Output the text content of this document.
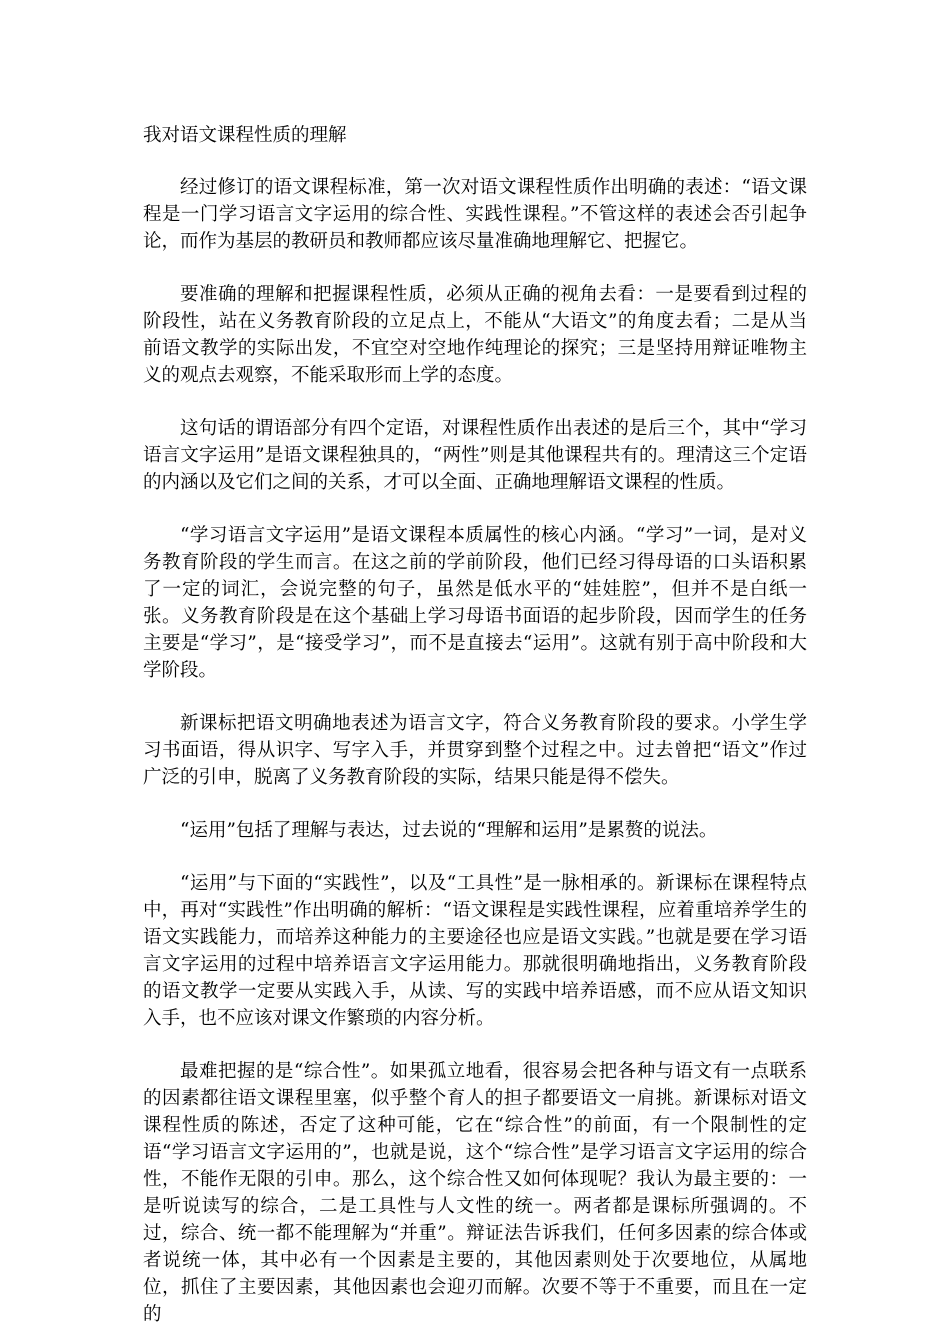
我对语文课程性质的理解

经过修订的语文课程标准，第一次对语文课程性质作出明确的表述：“语文课程是一门学习语言文字运用的综合性、实践性课程。”不管这样的表述会否引起争论，而作为基层的教研员和教师都应该尽量准确地理解它、把握它。

要准确的理解和把握课程性质，必须从正确的视角去看：一是要看到过程的阶段性，站在义务教育阶段的立足点上，不能从“大语文”的角度去看；二是从当前语文教学的实际出发，不宜空对空地作纯理论的探究；三是坚持用辩证唯物主义的观点去观察，不能采取形而上学的态度。

这句话的谓语部分有四个定语，对课程性质作出表述的是后三个，其中“学习语言文字运用”是语文课程独具的，“两性”则是其他课程共有的。理清这三个定语的内涵以及它们之间的关系，才可以全面、正确地理解语文课程的性质。

“学习语言文字运用”是语文课程本质属性的核心内涵。“学习”一词，是对义务教育阶段的学生而言。在这之前的学前阶段，他们已经习得母语的口头语积累了一定的词汇，会说完整的句子，虽然是低水平的“娃娃腔”，但并不是白纸一张。义务教育阶段是在这个基础上学习母语书面语的起步阶段，因而学生的任务主要是“学习”，是“接受学习”，而不是直接去“运用”。这就有别于高中阶段和大学阶段。

新课标把语文明确地表述为语言文字，符合义务教育阶段的要求。小学生学习书面语，得从识字、写字入手，并贯穿到整个过程之中。过去曾把“语文”作过广泛的引申，脱离了义务教育阶段的实际，结果只能是得不偿失。

“运用”包括了理解与表达，过去说的“理解和运用”是累赘的说法。

“运用”与下面的“实践性”，以及“工具性”是一脉相承的。新课标在课程特点中，再对“实践性”作出明确的解析：“语文课程是实践性课程，应着重培养学生的语文实践能力，而培养这种能力的主要途径也应是语文实践。”也就是要在学习语言文字运用的过程中培养语言文字运用能力。那就很明确地指出，义务教育阶段的语文教学一定要从实践入手，从读、写的实践中培养语感，而不应从语文知识入手，也不应该对课文作繁琐的内容分析。

最难把握的是“综合性”。如果孤立地看，很容易会把各种与语文有一点联系的因素都往语文课程里塞，似乎整个育人的担子都要语文一肩挑。新课标对语文课程性质的陈述，否定了这种可能，它在“综合性”的前面，有一个限制性的定语“学习语言文字运用的”，也就是说，这个“综合性”是学习语言文字运用的综合性，不能作无限的引申。那么，这个综合性又如何体现呢？我认为最主要的：一是听说读写的综合，二是工具性与人文性的统一。两者都是课标所强调的。不过，综合、统一都不能理解为“并重”。辩证法告诉我们，任何多因素的综合体或者说统一体，其中必有一个因素是主要的，其他因素则处于次要地位，从属地位，抓住了主要因素，其他因素也会迎刃而解。次要不等于不重要，而且在一定的
